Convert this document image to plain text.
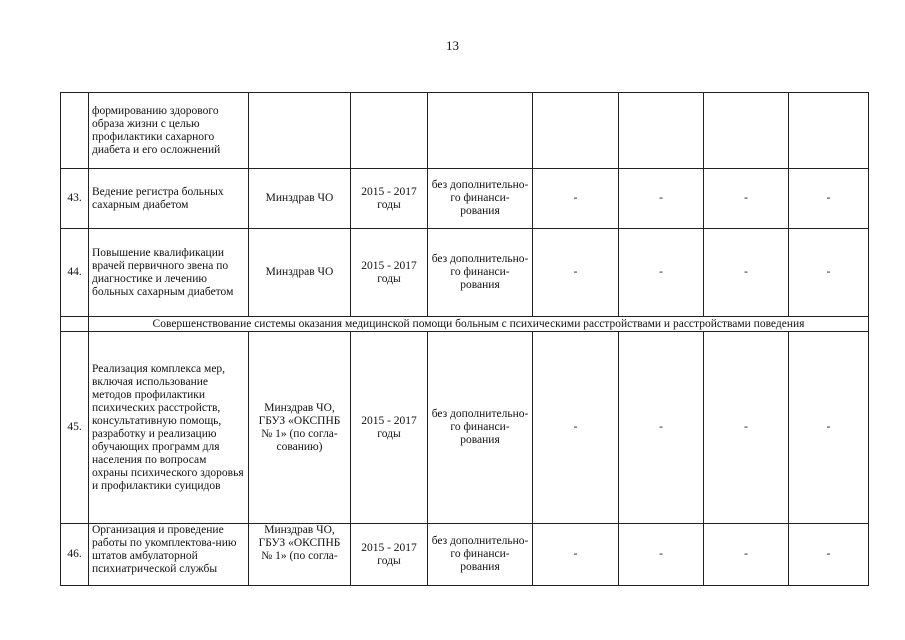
13
	формированию здорового образа жизни с целью профилактики сахарного диабета и его осложнений							
43.	Ведение регистра больных сахарным диабетом	Минздрав ЧО	2015 - 2017 годы	без дополнительно-го финанси-рования	-	-	-	-
44.	Повышение квалификации врачей первичного звена по диагностике и лечению больных сахарным диабетом	Минздрав ЧО	2015 - 2017 годы	без дополнительно-го финанси-рования	-	-	-	-
	Совершенствование системы оказания медицинской помощи больным с психическими расстройствами и расстройствами поведения							
45.	Реализация комплекса мер, включая использование методов профилактики психических расстройств, консультативную помощь, разработку и реализацию обучающих программ для населения по вопросам охраны психического здоровья и профилактики суицидов	Минздрав ЧО, ГБУЗ «ОКСПНБ № 1» (по согла-сованию)	2015 - 2017 годы	без дополнительно-го финанси-рования	-	-	-	-
46.	Организация и проведение работы по укомплектова-нию штатов амбулаторной психиатрической службы	Минздрав ЧО, ГБУЗ «ОКСПНБ № 1» (по согла-	2015 - 2017 годы	без дополнительно-го финанси-рования	-	-	-	-
